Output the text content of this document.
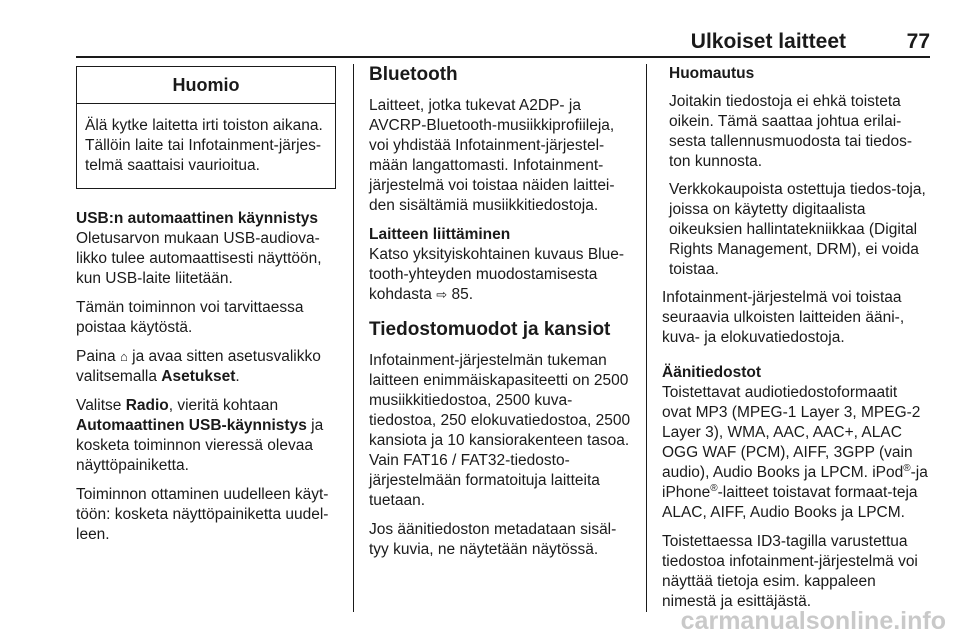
Ulkoiset laitteet	77
Huomio
Älä kytke laitetta irti toiston aikana. Tällöin laite tai Infotainment-järjes-telmä saattaisi vaurioitua.

USB:n automaattinen käynnistys

Oletusarvon mukaan USB-audiova-likko tulee automaattisesti näyttöön, kun USB-laite liitetään.

Tämän toiminnon voi tarvittaessa poistaa käytöstä.

Paina ⌂ ja avaa sitten asetusvalikko valitsemalla Asetukset.

Valitse Radio, vieritä kohtaan Automaattinen USB-käynnistys ja kosketa toiminnon vieressä olevaa näyttöpainiketta.

Toiminnon ottaminen uudelleen käyt-töön: kosketa näyttöpainiketta uudel-leen.

Bluetooth

Laitteet, jotka tukevat A2DP- ja AVCRP-Bluetooth-musiikkiprofiileja, voi yhdistää Infotainment-järjestel-mään langattomasti. Infotainment-järjestelmä voi toistaa näiden laittei-den sisältämiä musiikkitiedostoja.

Laitteen liittäminen

Katso yksityiskohtainen kuvaus Blue-tooth-yhteyden muodostamisesta kohdasta ⇨ 85.

Tiedostomuodot ja kansiot

Infotainment-järjestelmän tukeman laitteen enimmäiskapasiteetti on 2500 musiikkitiedostoa, 2500 kuva-tiedostoa, 250 elokuvatiedostoa, 2500 kansiota ja 10 kansiorakenteen tasoa. Vain FAT16 / FAT32-tiedosto-järjestelmään formatoituja laitteita tuetaan.

Jos äänitiedoston metadataan sisäl-tyy kuvia, ne näytetään näytössä.

Huomautus

Joitakin tiedostoja ei ehkä toisteta oikein. Tämä saattaa johtua erilai-sesta tallennusmuodosta tai tiedos-ton kunnosta.

Verkkokaupoista ostettuja tiedos-toja, joissa on käytetty digitaalista oikeuksien hallintatekniikkaa (Digital Rights Management, DRM), ei voida toistaa.

Infotainment-järjestelmä voi toistaa seuraavia ulkoisten laitteiden ääni-, kuva- ja elokuvatiedostoja.

Äänitiedostot

Toistettavat audiotiedostoformaatit ovat MP3 (MPEG-1 Layer 3, MPEG-2 Layer 3), WMA, AAC, AAC+, ALAC OGG WAF (PCM), AIFF, 3GPP (vain audio), Audio Books ja LPCM. iPod®-ja iPhone®-laitteet toistavat formaat-teja ALAC, AIFF, Audio Books ja LPCM.

Toistettaessa ID3-tagilla varustettua tiedostoa infotainment-järjestelmä voi näyttää tietoja esim. kappaleen nimestä ja esittäjästä.

carmanualsonline.info
